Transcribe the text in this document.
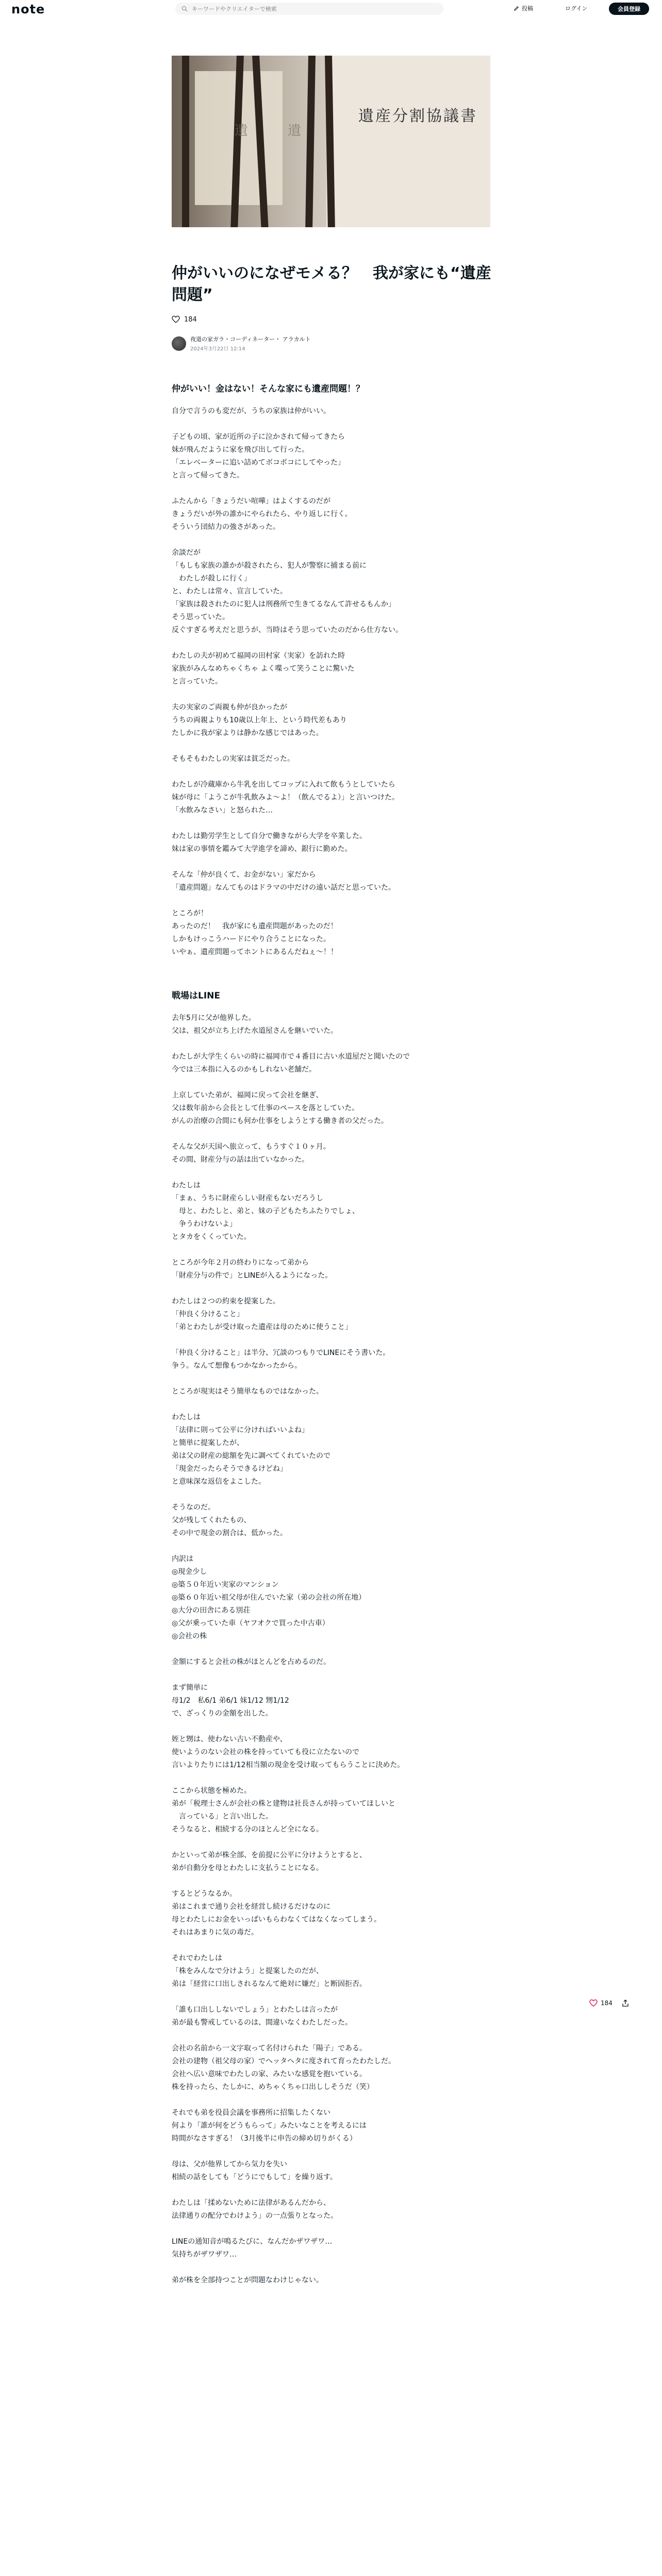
note
キーワードやクリエイターで検索	投稿	ログイン	会員登録
遺	遺
遺産分割協議書
仲がいいのになぜモメる？　我が家にも“遺産問題”
184
夜道の家ガラ・コーディネーター・ アラカルト
2024年3月22日 12:14
仲がいい！金はない！そんな家にも遺産問題！？

自分で言うのも変だが、うちの家族は仲がいい。

子どもの頃、家が近所の子に泣かされて帰ってきたら
妹が飛んだように家を飛び出して行った。
「エレベーターに追い詰めてボコボコにしてやった」
と言って帰ってきた。

ふたんから「きょうだい喧嘩」はよくするのだが
きょうだいが外の誰かにやられたら、やり返しに行く。
そういう団結力の強さがあった。

余談だが
「もしも家族の誰かが殺されたら、犯人が警察に捕まる前に
　わたしが殺しに行く」
と、わたしは常々、宣言していた。
「家族は殺されたのに犯人は刑務所で生きてるなんて許せるもんか」
そう思っていた。
反ぐすぎる考えだと思うが、当時はそう思っていたのだから仕方ない。

わたしの夫が初めて福岡の田村家（実家）を訪れた時
家族がみんなめちゃくちゃ よく喋って笑うことに驚いた
と言っていた。

夫の実家のご両親も仲が良かったが
うちの両親よりも10歳以上年上、という時代差もあり
たしかに我が家よりは静かな感じではあった。

そもそもわたしの実家は貧乏だった。

わたしが冷蔵庫から牛乳を出してコップに入れて飲もうとしていたら
妹が母に「ようこが牛乳飲みよ〜よ！（飲んでるよ）」と言いつけた。
「水飲みなさい」と怒られた…

わたしは勤労学生として自分で働きながら大学を卒業した。
妹は家の事情を鑑みて大学進学を諦め、銀行に勤めた。

そんな「仲が良くて、お金がない」家だから
「遺産問題」なんてものはドラマの中だけの遠い話だと思っていた。

ところが！
あったのだ！　我が家にも遺産問題があったのだ！
しかもけっこうハードにやり合うことになった。
いやぁ、遺産問題ってホントにあるんだねぇ〜！！

戦場はLINE

去年5月に父が他界した。
父は、祖父が立ち上げた水道屋さんを継いでいた。

わたしが大学生くらいの時に福岡市で４番目に古い水道屋だと聞いたので
今では三本指に入るのかもしれない老舗だ。

上京していた弟が、福岡に戻って会社を継ぎ、
父は数年前から会長として仕事のペースを落としていた。
がんの治療の合間にも何か仕事をしようとする働き者の父だった。

そんな父が天国へ旅立って、もうすぐ１０ヶ月。
その間、財産分与の話は出ていなかった。

わたしは
「まぁ、うちに財産らしい財産もないだろうし
　母と、わたしと、弟と、妹の子どもたちふたりでしょ、
　争うわけないよ」
とタカをくくっていた。

ところが今年２月の終わりになって弟から
「財産分与の件で」とLINEが入るようになった。

わたしは２つの約束を提案した。
「仲良く分けること」
「弟とわたしが受け取った遺産は母のために使うこと」

「仲良く分けること」は半分、冗談のつもりでLINEにそう書いた。
争う。なんて想像もつかなかったから。

ところが現実はそう簡単なものではなかった。

わたしは
「法律に則って公平に分ければいいよね」
と簡単に提案したが、
弟は父の財産の総額を先に調べてくれていたので
「現金だったらそうできるけどね」
と意味深な返信をよこした。

そうなのだ。
父が残してくれたもの、
その中で現金の割合は、低かった。

内訳は
◎現金少し
◎築５０年近い実家のマンション
◎築６０年近い祖父母が住んでいた家（弟の会社の所在地）
◎大分の田舎にある別荘
◎父が乗っていた車（ヤフオクで買った中古車）
◎会社の株

金額にすると会社の株がほとんどを占めるのだ。

まず簡単に
母1/2　私6/1 弟6/1 妹1/12 甥1/12
で、ざっくりの金額を出した。

姪と甥は、使わない古い不動産や、
使いようのない会社の株を持っていても役に立たないので
言いよりたりには1/12相当額の現金を受け取ってもらうことに決めた。

ここから状態を極めた。
弟が「税理士さんが会社の株と建物は社長さんが持っていてほしいと
　言っている」と言い出した。
そうなると、相続する分のほとんど全になる。

かといって弟が株全部、を前提に公平に分けようとすると、
弟が自動分を母とわたしに支払うことになる。

するとどうなるか。
弟はこれまで通り会社を経営し続けるだけなのに
母とわたしにお金をいっぱいもらわなくてはなくなってしまう。
それはあまりに気の毒だ。

それでわたしは
「株をみんなで分けよう」と提案したのだが、
弟は「経営に口出しされるなんて絶対に嫌だ」と断固拒否。

「誰も口出ししないでしょう」とわたしは言ったが
弟が最も警戒しているのは、間違いなくわたしだった。

会社の名前から一文字取って名付けられた「陽子」である。
会社の建物（祖父母の家）でヘッタヘタに度されて育ったわたしだ。
会社へ広い意味でわたしの家、みたいな感覚を抱いている。
株を持ったら、たしかに、めちゃくちゃ口出ししそうだ（笑）

それでも弟を役員会議を事務所に招集したくない
何より「誰が何をどうもらって」みたいなことを考えるには
時間がなさすぎる！（3月後半に申告の締め切りがくる）

母は、父が他界してから気力を失い
相続の話をしても「どうにでもして」を繰り返す。

わたしは「揉めないために法律があるんだから、
法律通りの配分でわけよう」の一点張りとなった。

LINEの通知音が鳴るたびに、なんだかザワザワ…
気持ちがザワザワ…

弟が株を全部持つことが問題なわけじゃない。

184
